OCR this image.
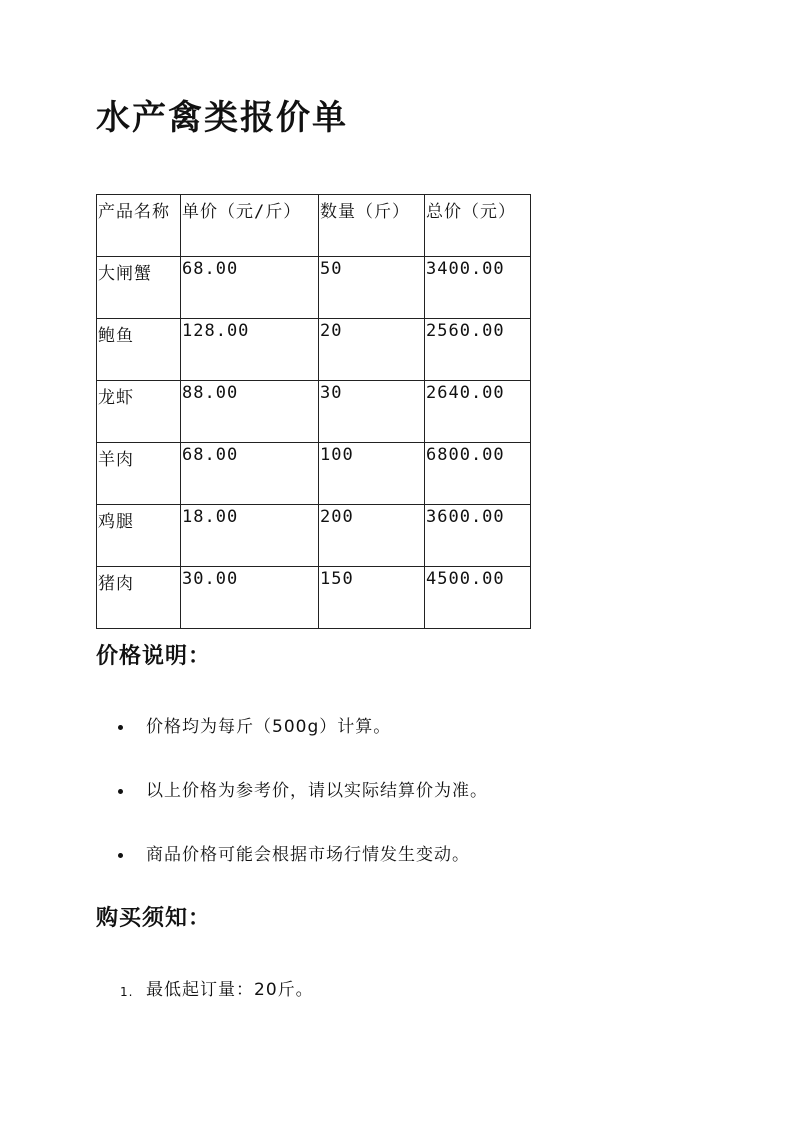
水产禽类报价单
产品名称	单价（元/斤）	数量（斤）	总价（元）
大闸蟹	68.00	50	3400.00
鲍鱼	128.00	20	2560.00
龙虾	88.00	30	2640.00
羊肉	68.00	100	6800.00
鸡腿	18.00	200	3600.00
猪肉	30.00	150	4500.00
价格说明：
价格均为每斤（500g）计算。
以上价格为参考价，请以实际结算价为准。
商品价格可能会根据市场行情发生变动。
购买须知：
1. 最低起订量：20斤。
